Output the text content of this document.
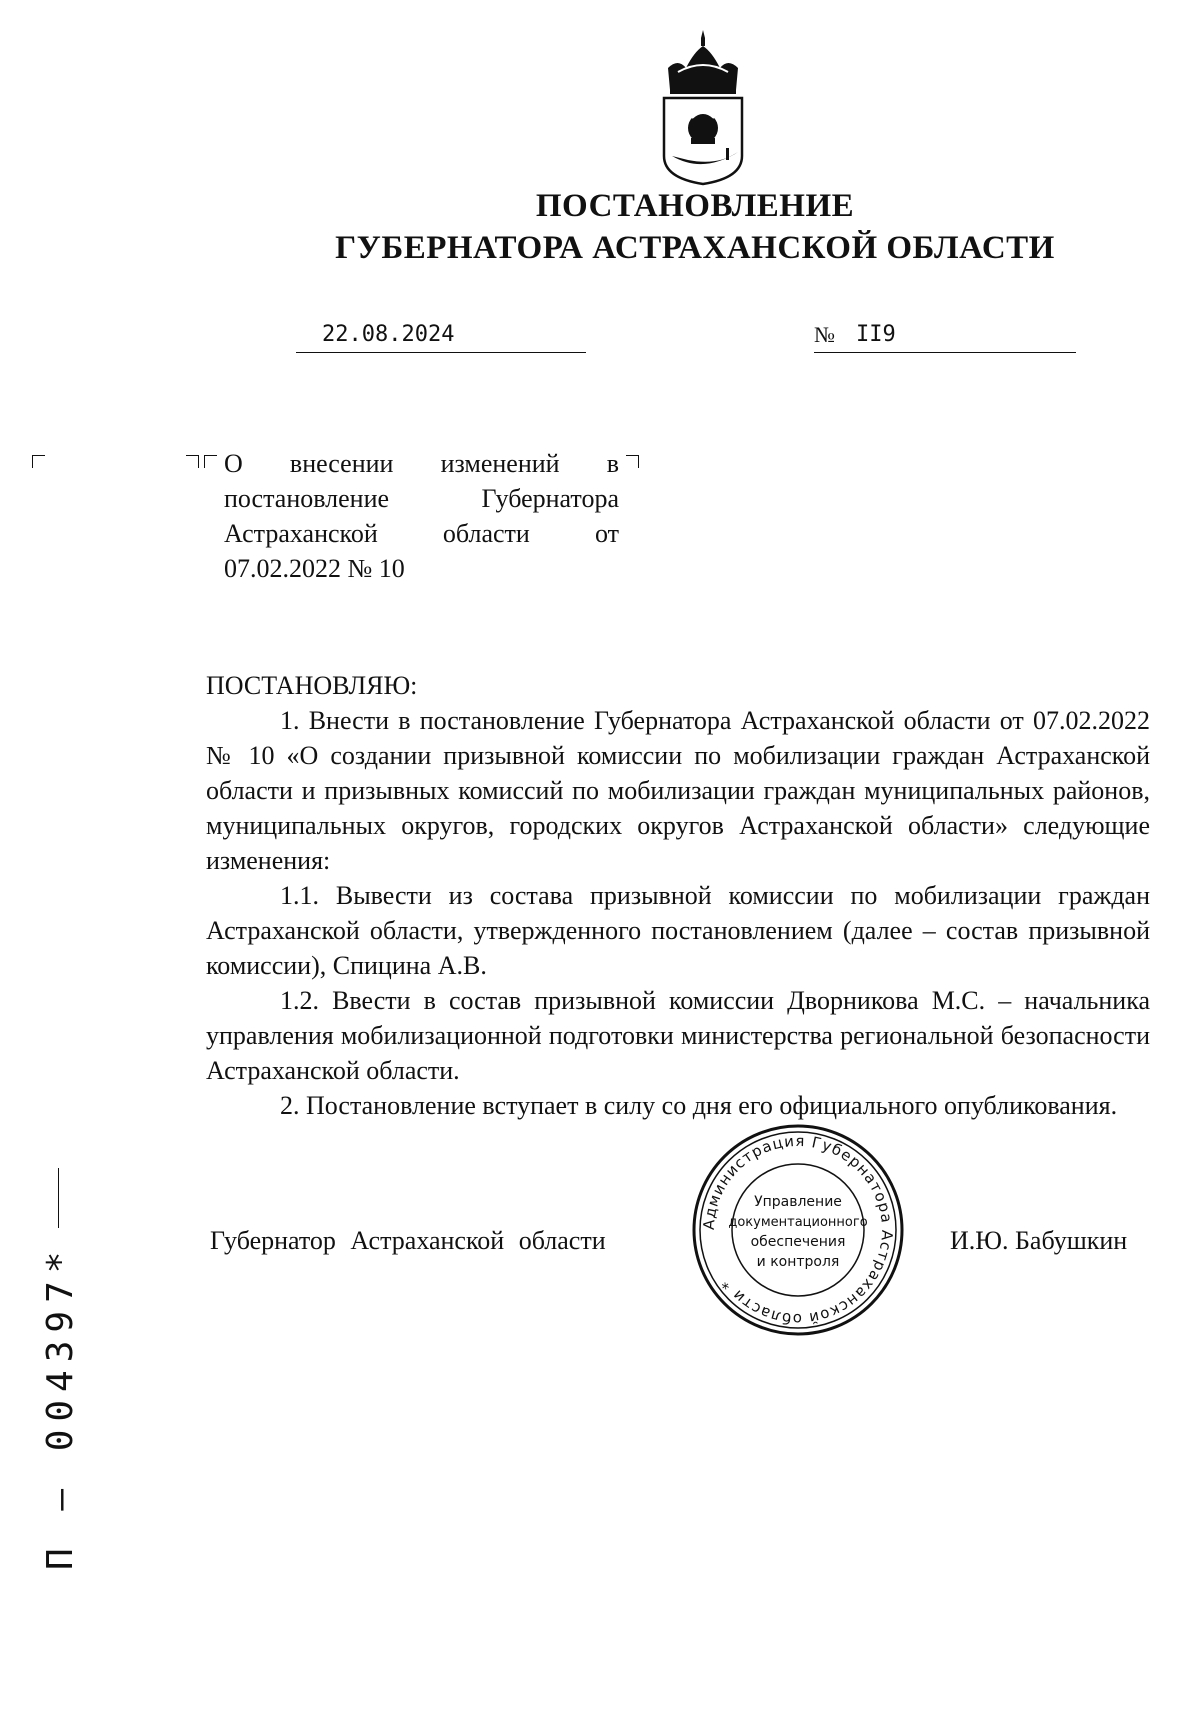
ПОСТАНОВЛЕНИЕ
ГУБЕРНАТОРА АСТРАХАНСКОЙ ОБЛАСТИ
22.08.2024	№ II9
О внесении изменений в постановление Губернатора Астраханской области от 07.02.2022 № 10

ПОСТАНОВЛЯЮ:

1. Внести в постановление Губернатора Астраханской области от 07.02.2022 № 10 «О создании призывной комиссии по мобилизации граждан Астраханской области и призывных комиссий по мобилизации граждан муниципальных районов, муниципальных округов, городских округов Астраханской области» следующие изменения:

1.1. Вывести из состава призывной комиссии по мобилизации граждан Астраханской области, утвержденного постановлением (далее – состав призывной комиссии), Спицина А.В.

1.2. Ввести в состав призывной комиссии Дворникова М.С. – начальника управления мобилизационной подготовки министерства региональной безопасности Астраханской области.

2. Постановление вступает в силу со дня его официального опубликования.

Губернатор Астраханской области	И.Ю. Бабушкин
Администрация Губернатора Астраханской области *
Управление
документационного
обеспечения
и контроля
П – 004397*
